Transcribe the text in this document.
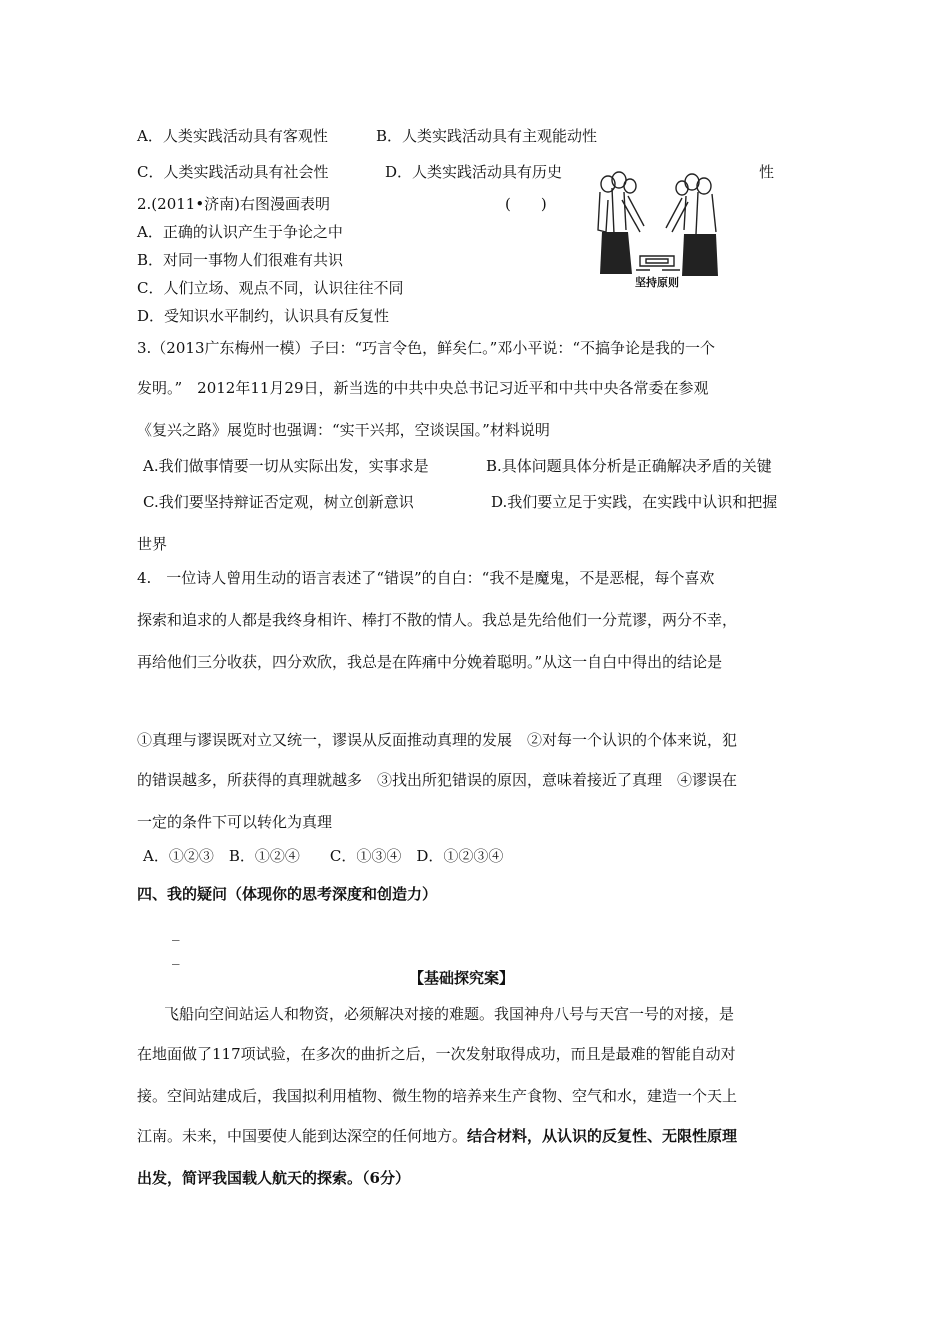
A．人类实践活动具有客观性	B．人类实践活动具有主观能动性
C．人类实践活动具有社会性	D．人类实践活动具有历史	性
2.(2011•济南)右图漫画表明	(　　)
A．正确的认识产生于争论之中
B．对同一事物人们很难有共识
C．人们立场、观点不同，认识往往不同
D．受知识水平制约，认识具有反复性
坚持原则
3.（2013广东梅州一模）子曰：“巧言令色，鲜矣仁。”邓小平说：“不搞争论是我的一个
发明。”　2012年11月29日，新当选的中共中央总书记习近平和中共中央各常委在参观
《复兴之路》展览时也强调：“实干兴邦，空谈误国。”材料说明
A.我们做事情要一切从实际出发，实事求是	B.具体问题具体分析是正确解决矛盾的关键
C.我们要坚持辩证否定观，树立创新意识	D.我们要立足于实践，在实践中认识和把握
世界
4.　一位诗人曾用生动的语言表述了“错误”的自白：“我不是魔鬼，不是恶棍，每个喜欢
探索和追求的人都是我终身相许、棒打不散的情人。我总是先给他们一分荒谬，两分不幸，
再给他们三分收获，四分欢欣，我总是在阵痛中分娩着聪明。”从这一自白中得出的结论是
①真理与谬误既对立又统一，谬误从反面推动真理的发展　②对每一个认识的个体来说，犯
的错误越多，所获得的真理就越多　③找出所犯错误的原因，意味着接近了真理　④谬误在
一定的条件下可以转化为真理
A．①②③　B．①②④　　C．①③④　D．①②③④
四、我的疑问（体现你的思考深度和创造力）
_
_
【基础探究案】
飞船向空间站运人和物资，必须解决对接的难题。我国神舟八号与天宫一号的对接，是
在地面做了117项试验，在多次的曲折之后，一次发射取得成功，而且是最难的智能自动对
接。空间站建成后，我国拟利用植物、微生物的培养来生产食物、空气和水，建造一个天上
江南。未来，中国要使人能到达深空的任何地方。结合材料，从认识的反复性、无限性原理
出发，简评我国载人航天的探索。（6分）
